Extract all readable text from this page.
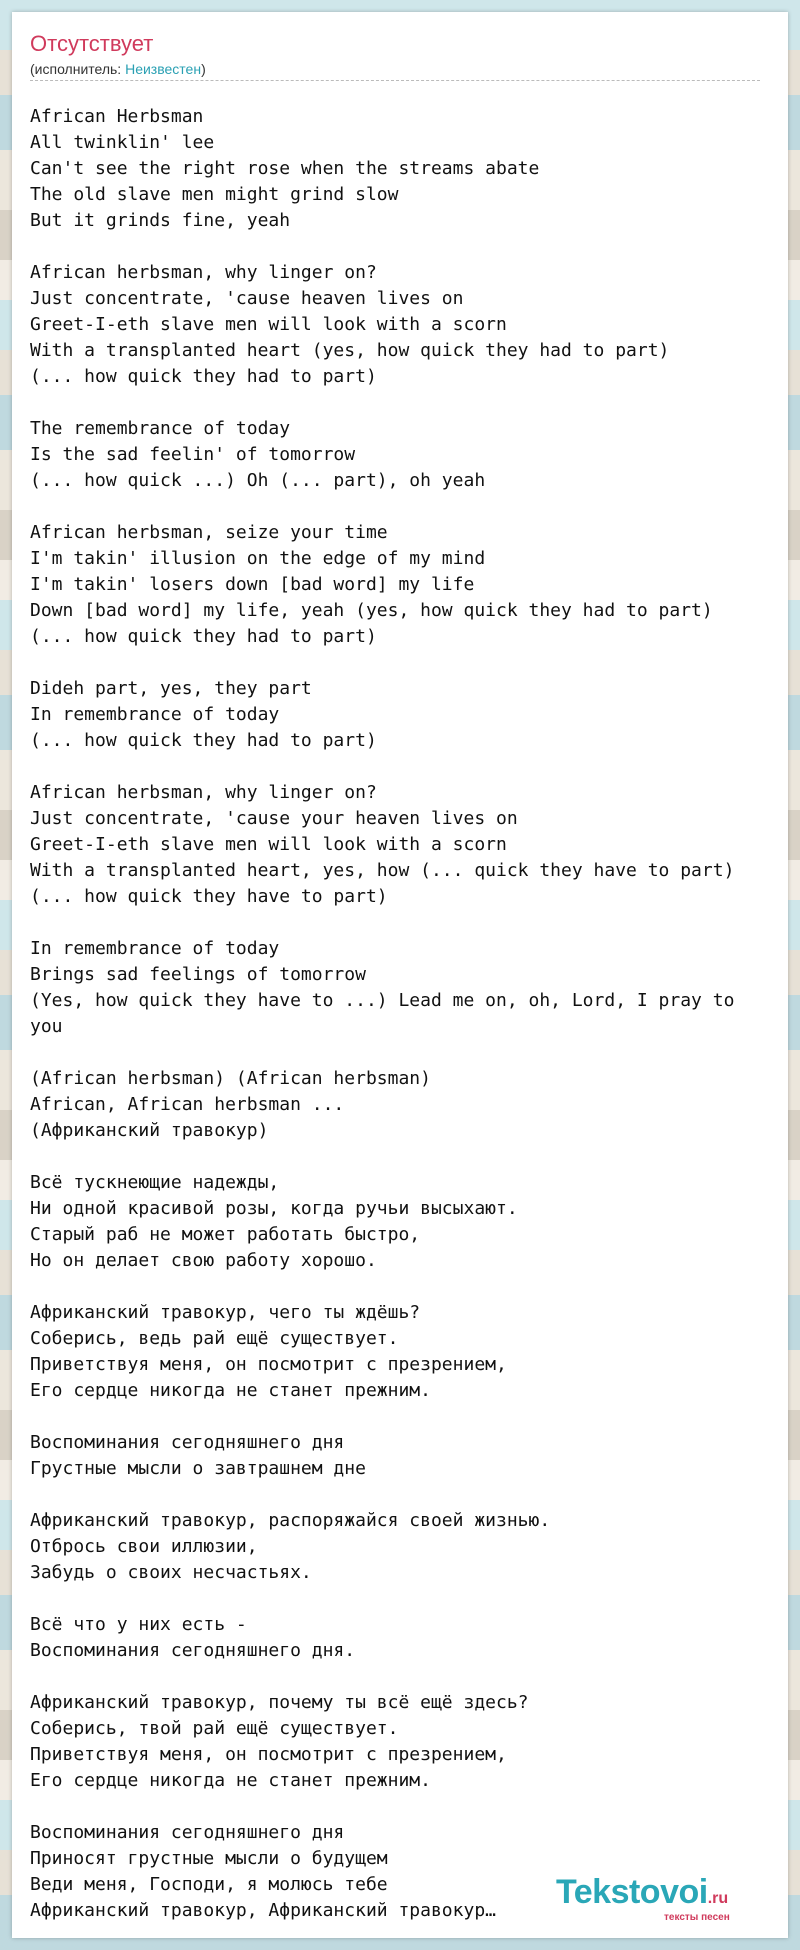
Отсутствует
(исполнитель: Неизвестен)
African Herbsman
All twinklin' lee
Can't see the right rose when the streams abate
The old slave men might grind slow
But it grinds fine, yeah

African herbsman, why linger on?
Just concentrate, 'cause heaven lives on
Greet-I-eth slave men will look with a scorn
With a transplanted heart (yes, how quick they had to part)
(... how quick they had to part)

The remembrance of today
Is the sad feelin' of tomorrow
(... how quick ...) Oh (... part), oh yeah

African herbsman, seize your time
I'm takin' illusion on the edge of my mind
I'm takin' losers down [bad word] my life
Down [bad word] my life, yeah (yes, how quick they had to part)
(... how quick they had to part)

Dideh part, yes, they part
In remembrance of today
(... how quick they had to part)

African herbsman, why linger on?
Just concentrate, 'cause your heaven lives on
Greet-I-eth slave men will look with a scorn
With a transplanted heart, yes, how (... quick they have to part)
(... how quick they have to part)

In remembrance of today
Brings sad feelings of tomorrow
(Yes, how quick they have to ...) Lead me on, oh, Lord, I pray to you

(African herbsman) (African herbsman)
African, African herbsman ...
(Африканский травокур)

Всё тускнеющие надежды,
Ни одной красивой розы, когда ручьи высыхают.
Старый раб не может работать быстро,
Но он делает свою работу хорошо.

Африканский травокур, чего ты ждёшь?
Соберись, ведь рай ещё существует.
Приветствуя меня, он посмотрит с презрением,
Его сердце никогда не станет прежним.

Воспоминания сегодняшнего дня
Грустные мысли о завтрашнем дне

Африканский травокур, распоряжайся своей жизнью.
Отбрось свои иллюзии,
Забудь о своих несчастьях.

Всё что у них есть -
Воспоминания сегодняшнего дня.

Африканский травокур, почему ты всё ещё здесь?
Соберись, твой рай ещё существует.
Приветствуя меня, он посмотрит с презрением,
Его сердце никогда не станет прежним.

Воспоминания сегодняшнего дня
Приносят грустные мысли о будущем
Веди меня, Господи, я молюсь тебе
Африканский травокур, Африканский травокур…	Tekstovoi.ru
тексты песен
